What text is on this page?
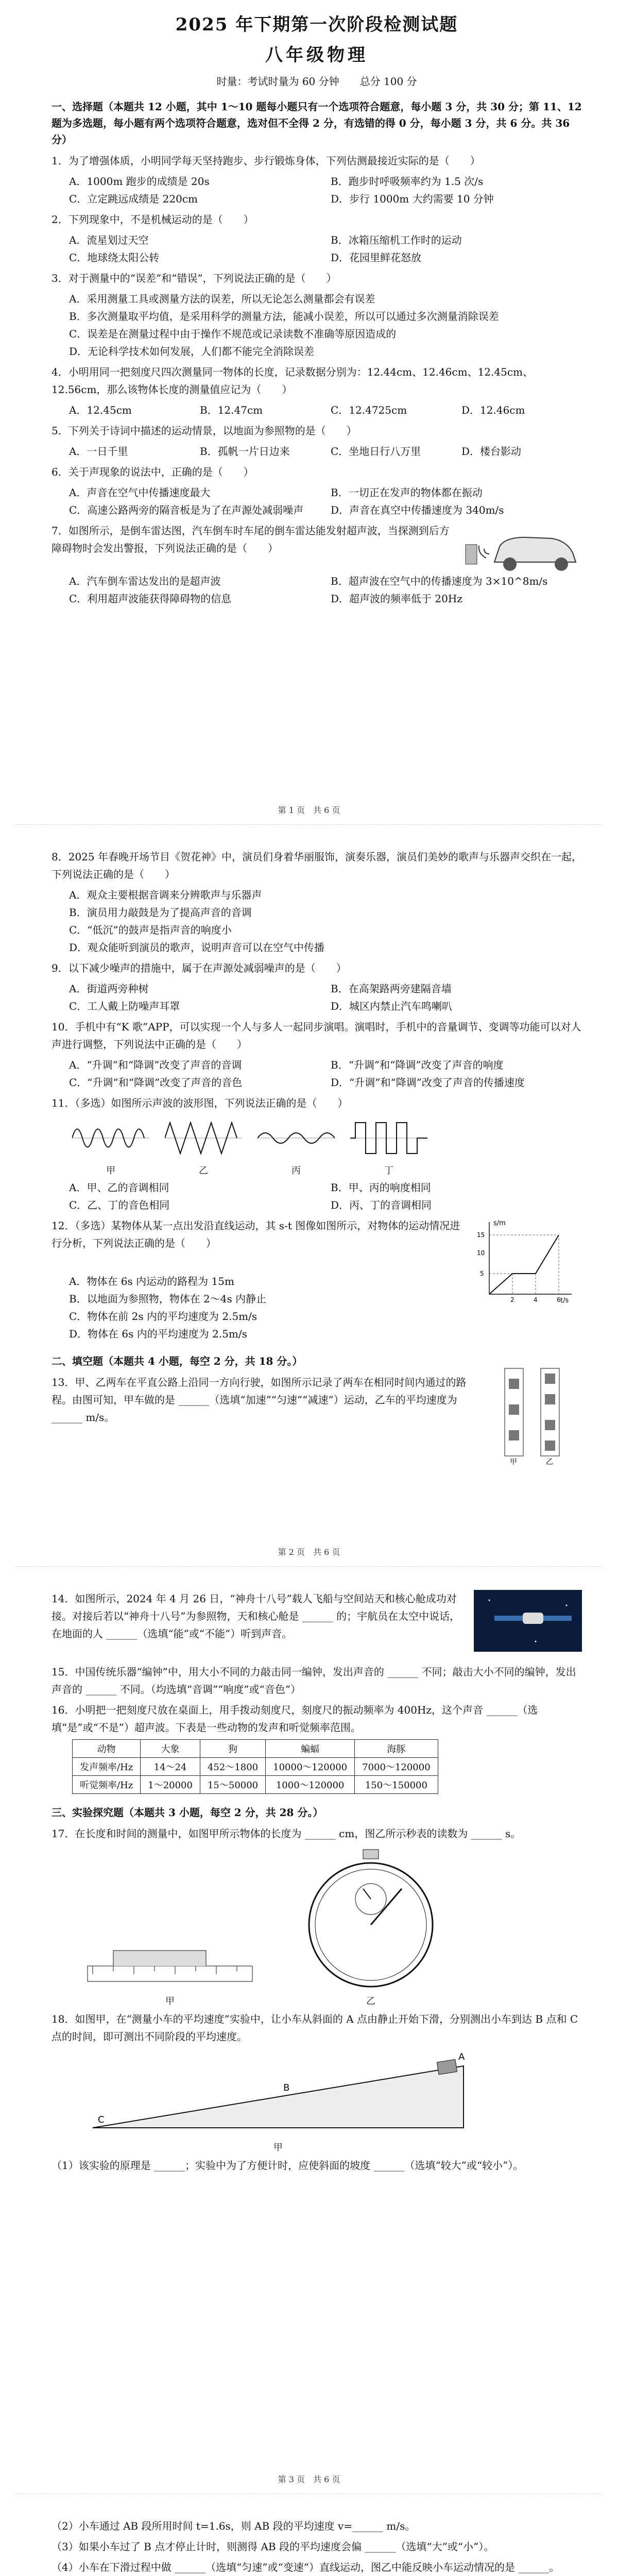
2025 年下期第一次阶段检测试题
八年级物理
时量：考试时量为 60 分钟　　总分 100 分
一、选择题（本题共 12 小题，其中 1～10 题每小题只有一个选项符合题意，每小题 3 分，共 30 分；第 11、12 题为多选题，每小题有两个选项符合题意，选对但不全得 2 分，有选错的得 0 分，每小题 3 分，共 6 分。共 36 分）
1．为了增强体质，小明同学每天坚持跑步、步行锻炼身体，下列估测最接近实际的是（　　）
A．1000m 跑步的成绩是 20s	B．跑步时呼吸频率约为 1.5 次/s
C．立定跳远成绩是 220cm	D．步行 1000m 大约需要 10 分钟
2．下列现象中，不是机械运动的是（　　）
A．流星划过天空	B．冰箱压缩机工作时的运动
C．地球绕太阳公转	D．花园里鲜花怒放
3．对于测量中的“误差”和“错误”，下列说法正确的是（　　）
A．采用测量工具或测量方法的误差，所以无论怎么测量都会有误差
B．多次测量取平均值，是采用科学的测量方法，能减小误差，所以可以通过多次测量消除误差
C．误差是在测量过程中由于操作不规范或记录读数不准确等原因造成的
D．无论科学技术如何发展，人们都不能完全消除误差
4．小明用同一把刻度尺四次测量同一物体的长度，记录数据分别为：12.44cm、12.46cm、12.45cm、12.56cm，那么该物体长度的测量值应记为（　　）
A．12.45cm	B．12.47cm	C．12.4725cm	D．12.46cm
5．下列关于诗词中描述的运动情景，以地面为参照物的是（　　）
A．一日千里	B．孤帆一片日边来	C．坐地日行八万里	D．楼台影动
6．关于声现象的说法中，正确的是（　　）
A．声音在空气中传播速度最大	B．一切正在发声的物体都在振动
C．高速公路两旁的隔音板是为了在声源处减弱噪声	D．声音在真空中传播速度为 340m/s
7．如图所示，是倒车雷达图，汽车倒车时车尾的倒车雷达能发射超声波，当探测到后方障碍物时会发出警报，下列说法正确的是（　　）
A．汽车倒车雷达发出的是超声波	B．超声波在空气中的传播速度为 3×10^8m/s
C．利用超声波能获得障碍物的信息	D．超声波的频率低于 20Hz
第 1 页　共 6 页
8．2025 年春晚开场节目《贺花神》中，演员们身着华丽服饰，演奏乐器，演员们美妙的歌声与乐器声交织在一起，下列说法正确的是（　　）
A．观众主要根据音调来分辨歌声与乐器声
B．演员用力敲鼓是为了提高声音的音调
C．“低沉”的鼓声是指声音的响度小
D．观众能听到演员的歌声，说明声音可以在空气中传播
9．以下减少噪声的措施中，属于在声源处减弱噪声的是（　　）
A．街道两旁种树	B．在高架路两旁建隔音墙
C．工人戴上防噪声耳罩	D．城区内禁止汽车鸣喇叭
10．手机中有“K 歌”APP，可以实现一个人与多人一起同步演唱。演唱时，手机中的音量调节、变调等功能可以对人声进行调整，下列说法中正确的是（　　）
A．“升调”和“降调”改变了声音的音调	B．“升调”和“降调”改变了声音的响度
C．“升调”和“降调”改变了声音的音色	D．“升调”和“降调”改变了声音的传播速度
11．（多选）如图所示声波的波形图，下列说法正确的是（　　）
甲	乙	丙	丁
A．甲、乙的音调相同	B．甲、丙的响度相同
C．乙、丁的音色相同	D．丙、丁的音调相同
12．（多选）某物体从某一点出发沿直线运动，其 s-t 图像如图所示，对物体的运动情况进行分析，下列说法正确的是（　　）
s/m
t/s
5
10
15
2	4	6
A．物体在 6s 内运动的路程为 15m
B．以地面为参照物，物体在 2～4s 内静止
C．物体在前 2s 内的平均速度为 2.5m/s
D．物体在 6s 内的平均速度为 2.5m/s
二、填空题（本题共 4 小题，每空 2 分，共 18 分。）
13．甲、乙两车在平直公路上沿同一方向行驶，如图所示记录了两车在相同时间内通过的路程。由图可知，甲车做的是 ______（选填“加速”“匀速”“减速”）运动，乙车的平均速度为 ______ m/s。
甲	乙
第 2 页　共 6 页
14．如图所示，2024 年 4 月 26 日，“神舟十八号”载人飞船与空间站天和核心舱成功对接。对接后若以“神舟十八号”为参照物，天和核心舱是 ______ 的；宇航员在太空中说话，在地面的人 ______（选填“能”或“不能”）听到声音。
15．中国传统乐器“编钟”中，用大小不同的力敲击同一编钟，发出声音的 ______ 不同；敲击大小不同的编钟，发出声音的 ______ 不同。（均选填“音调”“响度”或“音色”）
16．小明把一把刻度尺放在桌面上，用手拨动刻度尺，刻度尺的振动频率为 400Hz，这个声音 ______（选填“是”或“不是”）超声波。下表是一些动物的发声和听觉频率范围。
动物	大象	狗	蝙蝠	海豚
发声频率/Hz	14～24	452～1800	10000～120000	7000～120000
听觉频率/Hz	1～20000	15～50000	1000～120000	150～150000
三、实验探究题（本题共 3 小题，每空 2 分，共 28 分。）
17．在长度和时间的测量中，如图甲所示物体的长度为 ______ cm，图乙所示秒表的读数为 ______ s。
甲	乙
18．如图甲，在“测量小车的平均速度”实验中，让小车从斜面的 A 点由静止开始下滑，分别测出小车到达 B 点和 C 点的时间，即可测出不同阶段的平均速度。
A
B
C
甲
（1）该实验的原理是 ______；实验中为了方便计时，应使斜面的坡度 ______（选填“较大”或“较小”）。
第 3 页　共 6 页
（2）小车通过 AB 段所用时间 t=1.6s，则 AB 段的平均速度 v=______ m/s。
（3）如果小车过了 B 点才停止计时，则测得 AB 段的平均速度会偏 ______（选填“大”或“小”）。
（4）小车在下滑过程中做 ______（选填“匀速”或“变速”）直线运动，图乙中能反映小车运动情况的是 ______。
